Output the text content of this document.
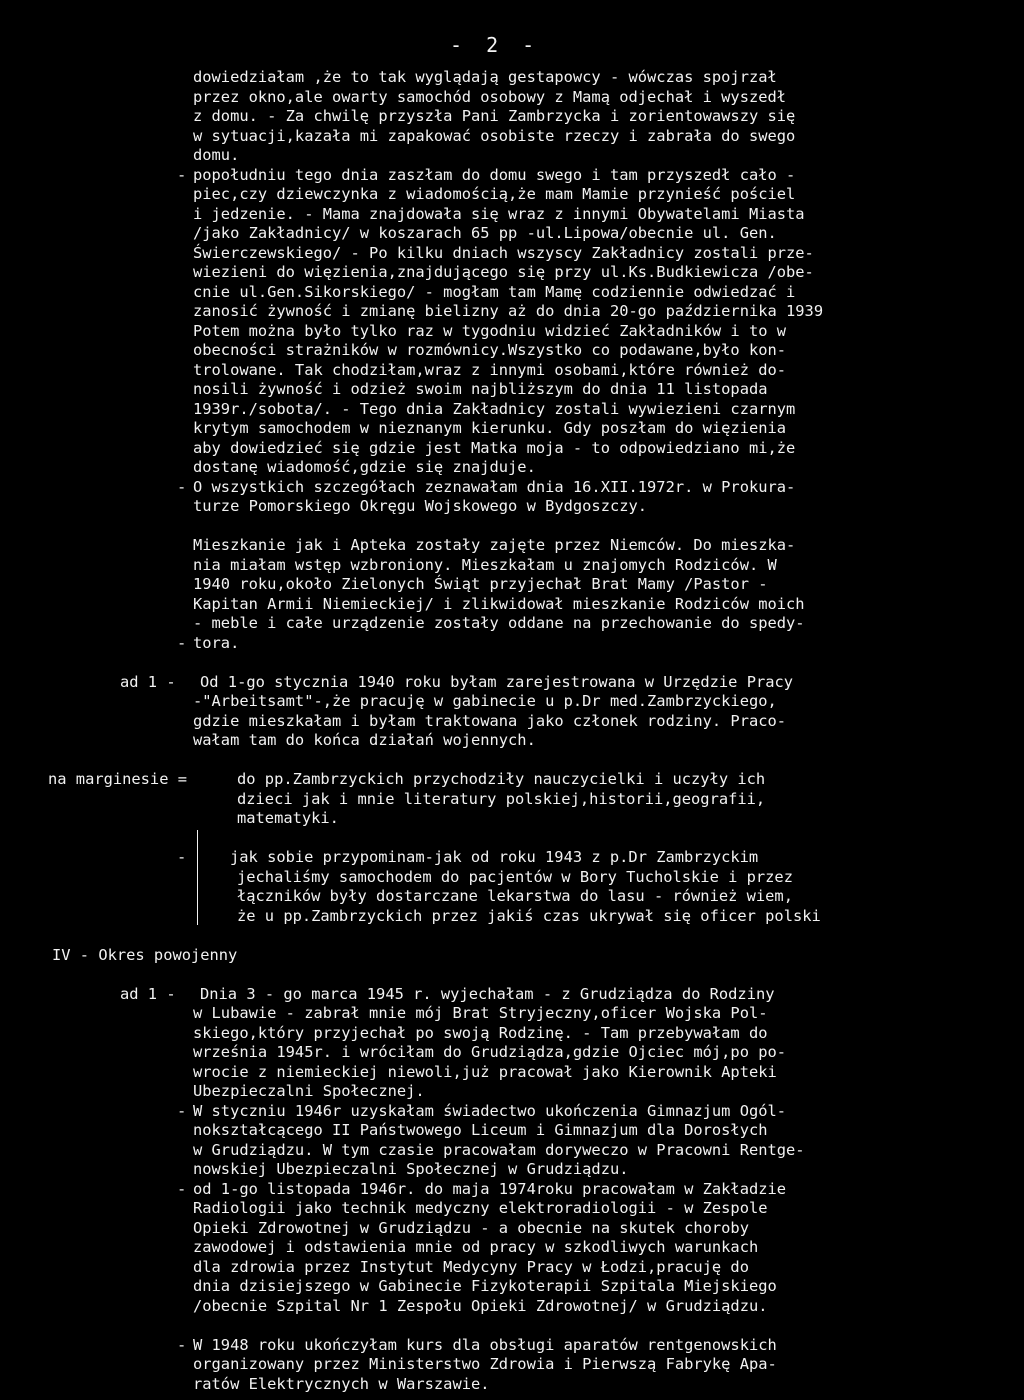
- 2 -
dowiedziałam ,że to tak wyglądają gestapowcy - wówczas spojrzał
przez okno,ale owarty samochód osobowy z Mamą odjechał i wyszedł
z domu. - Za chwilę przyszła Pani Zambrzycka i zorientowawszy się
w sytuacji,kazała mi zapakować osobiste rzeczy i zabrała do swego
domu.
- popołudniu tego dnia zaszłam do domu swego i tam przyszedł cało -
piec,czy dziewczynka z wiadomością,że mam Mamie przynieść pościel
i jedzenie. - Mama znajdowała się wraz z innymi Obywatelami Miasta
/jako Zakładnicy/ w koszarach 65 pp -ul.Lipowa/obecnie ul. Gen.
Świerczewskiego/ - Po kilku dniach wszyscy Zakładnicy zostali prze-
wiezieni do więzienia,znajdującego się przy ul.Ks.Budkiewicza /obe-
cnie ul.Gen.Sikorskiego/ - mogłam tam Mamę codziennie odwiedzać i
zanosić żywność i zmianę bielizny aż do dnia 20-go października 1939
Potem można było tylko raz w tygodniu widzieć Zakładników i to w
obecności strażników w rozmównicy.Wszystko co podawane,było kon-
trolowane. Tak chodziłam,wraz z innymi osobami,które również do-
nosili żywność i odzież swoim najbliższym do dnia 11 listopada
1939r./sobota/. - Tego dnia Zakładnicy zostali wywiezieni czarnym
krytym samochodem w nieznanym kierunku. Gdy poszłam do więzienia
aby dowiedzieć się gdzie jest Matka moja - to odpowiedziano mi,że
dostanę wiadomość,gdzie się znajduje.
- O wszystkich szczegółach zeznawałam dnia 16.XII.1972r. w Prokura-
turze Pomorskiego Okręgu Wojskowego w Bydgoszczy.
Mieszkanie jak i Apteka zostały zajęte przez Niemców. Do mieszka-
nia miałam wstęp wzbroniony. Mieszkałam u znajomych Rodziców. W
1940 roku,około Zielonych Świąt przyjechał Brat Mamy /Pastor -
Kapitan Armii Niemieckiej/ i zlikwidował mieszkanie Rodziców moich
- meble i całe urządzenie zostały oddane na przechowanie do spedy-
- tora.
ad 1 - Od 1-go stycznia 1940 roku byłam zarejestrowana w Urzędzie Pracy
-"Arbeitsamt"-,że pracuję w gabinecie u p.Dr med.Zambrzyckiego,
gdzie mieszkałam i byłam traktowana jako członek rodziny. Praco-
wałam tam do końca działań wojennych.
na marginesie =	do pp.Zambrzyckich przychodziły nauczycielki i uczyły ich
dzieci jak i mnie literatury polskiej,historii,geografii,
matematyki.
-	jak sobie przypominam-jak od roku 1943 z p.Dr Zambrzyckim
jechaliśmy samochodem do pacjentów w Bory Tucholskie i przez
łączników były dostarczane lekarstwa do lasu - również wiem,
że u pp.Zambrzyckich przez jakiś czas ukrywał się oficer polski
IV - Okres powojenny
ad 1 - Dnia 3 - go marca 1945 r. wyjechałam - z Grudziądza do Rodziny
w Lubawie - zabrał mnie mój Brat Stryjeczny,oficer Wojska Pol-
skiego,który przyjechał po swoją Rodzinę. - Tam przebywałam do
września 1945r. i wróciłam do Grudziądza,gdzie Ojciec mój,po po-
wrocie z niemieckiej niewoli,już pracował jako Kierownik Apteki
Ubezpieczalni Społecznej.
- W styczniu 1946r uzyskałam świadectwo ukończenia Gimnazjum Ogól-
nokształcącego II Państwowego Liceum i Gimnazjum dla Dorosłych
w Grudziądzu. W tym czasie pracowałam doryweczo w Pracowni Rentge-
nowskiej Ubezpieczalni Społecznej w Grudziądzu.
- od 1-go listopada 1946r. do maja 1974roku pracowałam w Zakładzie
Radiologii jako technik medyczny elektroradiologii - w Zespole
Opieki Zdrowotnej w Grudziądzu - a obecnie na skutek choroby
zawodowej i odstawienia mnie od pracy w szkodliwych warunkach
dla zdrowia przez Instytut Medycyny Pracy w Łodzi,pracuję do
dnia dzisiejszego w Gabinecie Fizykoterapii Szpitala Miejskiego
/obecnie Szpital Nr 1 Zespołu Opieki Zdrowotnej/ w Grudziądzu.
- W 1948 roku ukończyłam kurs dla obsługi aparatów rentgenowskich
organizowany przez Ministerstwo Zdrowia i Pierwszą Fabrykę Apa-
ratów Elektrycznych w Warszawie.
